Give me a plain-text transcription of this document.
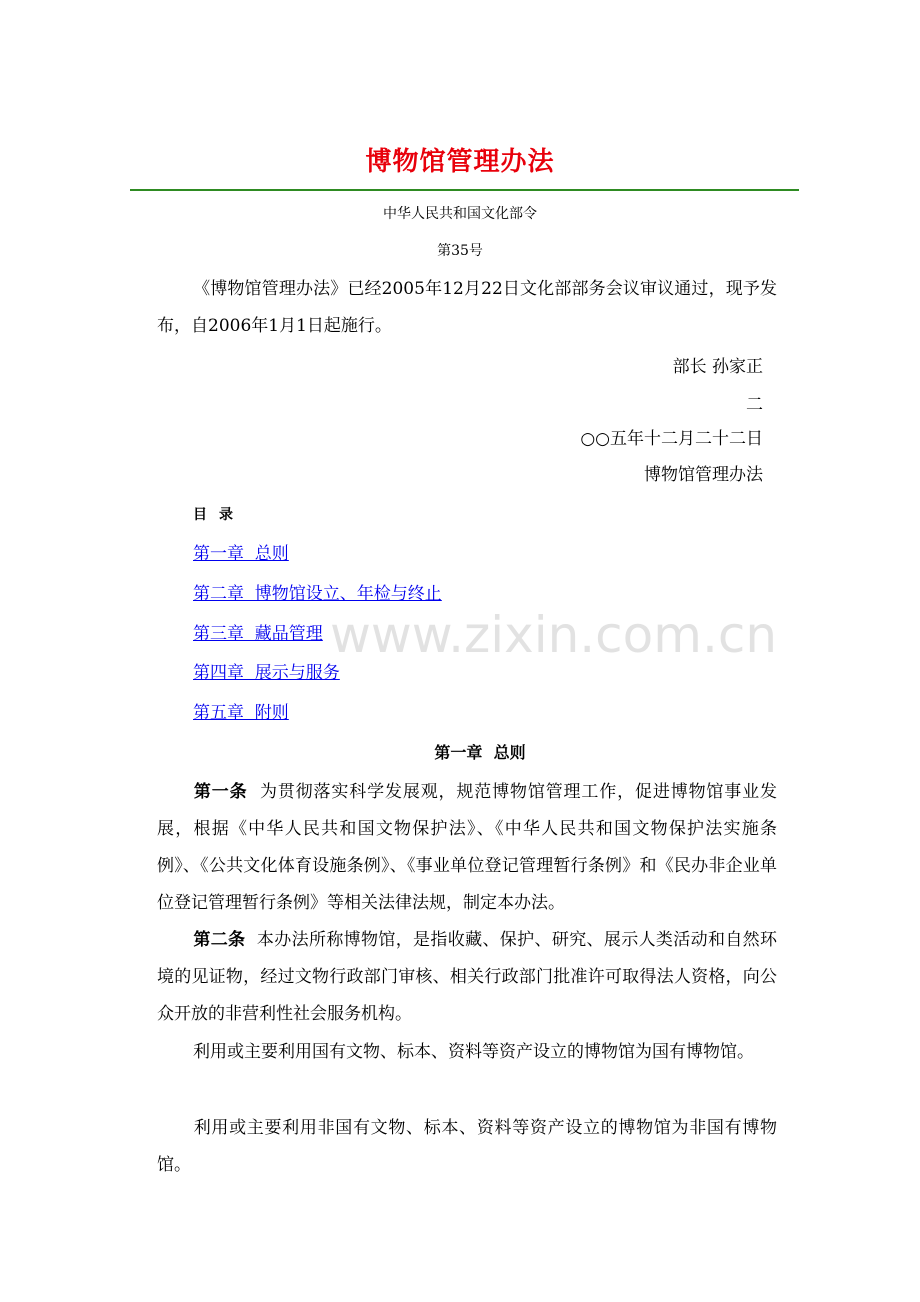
博物馆管理办法
中华人民共和国文化部令
第35号

《博物馆管理办法》已经2005年12月22日文化部部务会议审议通过，现予发布，自2006年1月1日起施行。

部长 孙家正
二
○○五年十二月二十二日
博物馆管理办法
目录
第一章  总则
第二章  博物馆设立、年检与终止
第三章  藏品管理
第四章  展示与服务
第五章  附则
第一章  总则

第一条 为贯彻落实科学发展观，规范博物馆管理工作，促进博物馆事业发展，根据《中华人民共和国文物保护法》、《中华人民共和国文物保护法实施条例》、《公共文化体育设施条例》、《事业单位登记管理暂行条例》和《民办非企业单位登记管理暂行条例》等相关法律法规，制定本办法。

第二条 本办法所称博物馆，是指收藏、保护、研究、展示人类活动和自然环境的见证物，经过文物行政部门审核、相关行政部门批准许可取得法人资格，向公众开放的非营利性社会服务机构。

利用或主要利用国有文物、标本、资料等资产设立的博物馆为国有博物馆。

利用或主要利用非国有文物、标本、资料等资产设立的博物馆为非国有博物馆。

www.zixin.com.cn
